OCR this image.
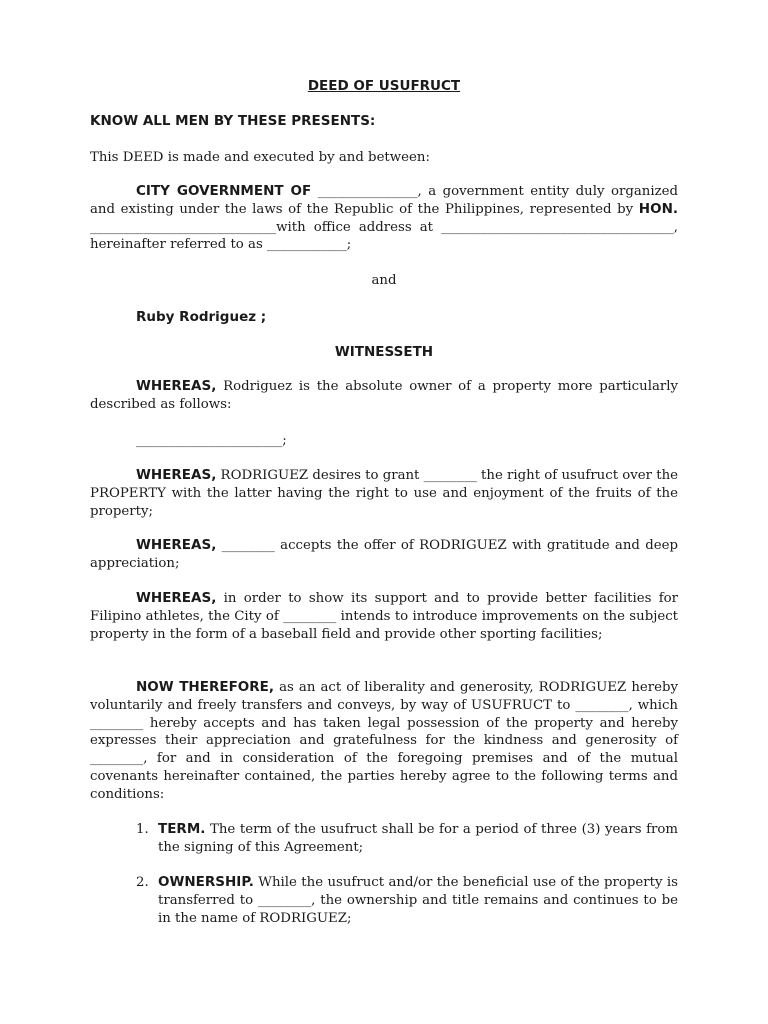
DEED OF USUFRUCT
KNOW ALL MEN BY THESE PRESENTS:
This DEED is made and executed by and between:
CITY GOVERNMENT OF _______________, a government entity duly organized and existing under the laws of the Republic of the Philippines, represented by HON. ____________________________with office address at ___________________________________, hereinafter referred to as ____________;
and
Ruby Rodriguez ;
WITNESSETH
WHEREAS, Rodriguez is the absolute owner of a property more particularly described as follows:
______________________;
WHEREAS, RODRIGUEZ desires to grant ________ the right of usufruct over the PROPERTY with the latter having the right to use and enjoyment of the fruits of the property;
WHEREAS, ________ accepts the offer of RODRIGUEZ with gratitude and deep appreciation;
WHEREAS, in order to show its support and to provide better facilities for Filipino athletes, the City of ________ intends to introduce improvements on the subject property in the form of a baseball field and provide other sporting facilities;
NOW THEREFORE, as an act of liberality and generosity, RODRIGUEZ hereby voluntarily and freely transfers and conveys, by way of USUFRUCT to ________, which ________ hereby accepts and has taken legal possession of the property and hereby expresses their appreciation and gratefulness for the kindness and generosity of ________, for and in consideration of the foregoing premises and of the mutual covenants hereinafter contained, the parties hereby agree to the following terms and conditions:
1. TERM. The term of the usufruct shall be for a period of three (3) years from the signing of this Agreement;
2. OWNERSHIP. While the usufruct and/or the beneficial use of the property is transferred to ________, the ownership and title remains and continues to be in the name of RODRIGUEZ;
